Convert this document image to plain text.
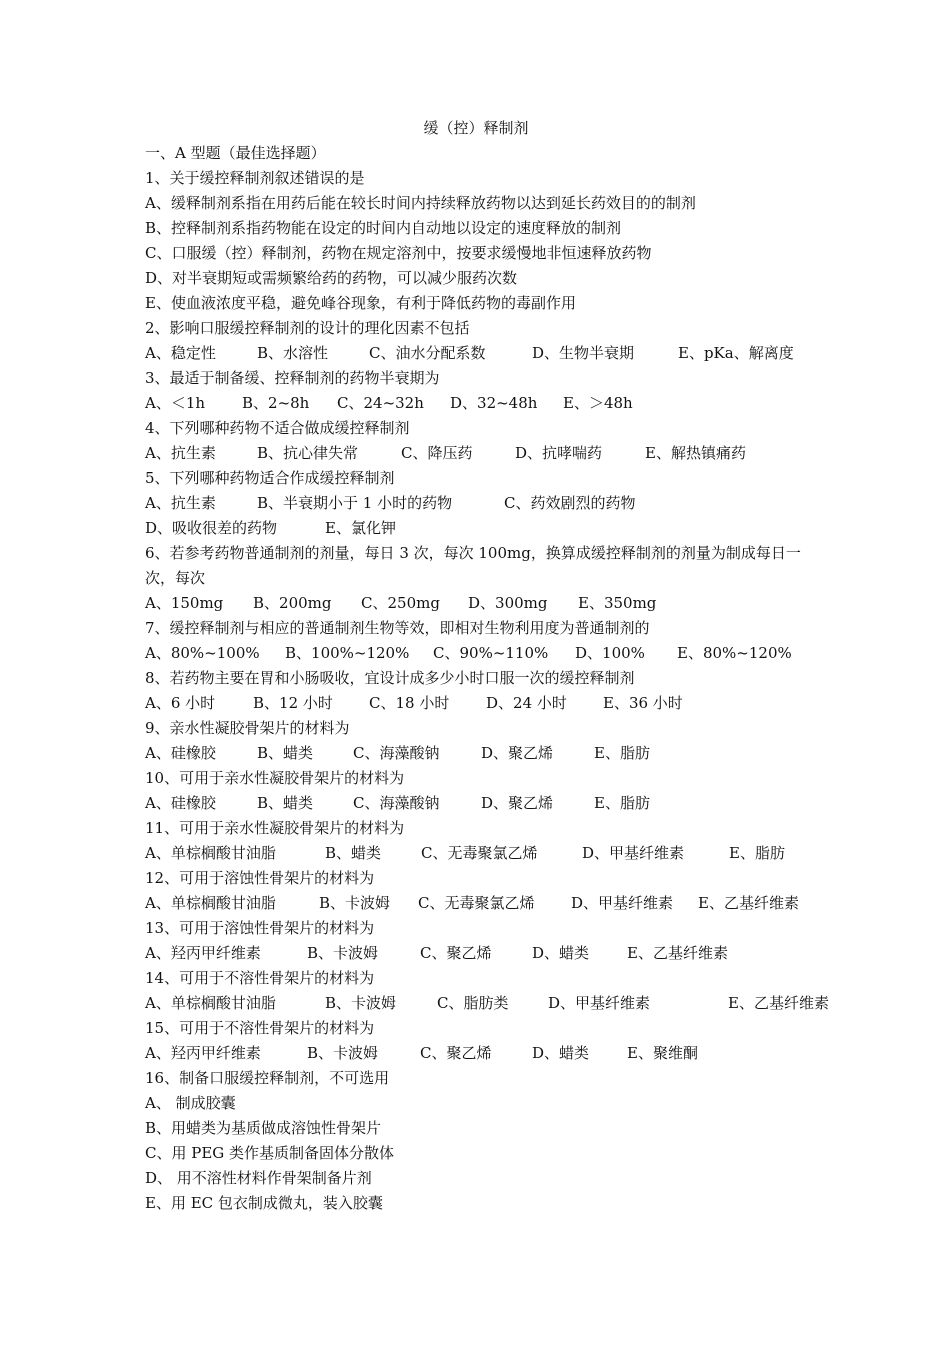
缓（控）释制剂
一、A 型题（最佳选择题）
1、关于缓控释制剂叙述错误的是
A、缓释制剂系指在用药后能在较长时间内持续释放药物以达到延长药效目的的制剂
B、控释制剂系指药物能在设定的时间内自动地以设定的速度释放的制剂
C、口服缓（控）释制剂，药物在规定溶剂中，按要求缓慢地非恒速释放药物
D、对半衰期短或需频繁给药的药物，可以减少服药次数
E、使血液浓度平稳，避免峰谷现象，有利于降低药物的毒副作用
2、影响口服缓控释制剂的设计的理化因素不包括
A、稳定性	B、水溶性	C、油水分配系数	D、生物半衰期	E、pKa、解离度
3、最适于制备缓、控释制剂的药物半衰期为
A、＜1h B、2~8h C、24~32h D、32~48h E、＞48h
4、下列哪种药物不适合做成缓控释制剂
A、抗生素	B、抗心律失常	C、降压药	D、抗哮喘药	E、解热镇痛药
5、下列哪种药物适合作成缓控释制剂
A、抗生素	B、半衰期小于 1 小时的药物	C、药效剧烈的药物
D、吸收很差的药物	E、氯化钾
6、若参考药物普通制剂的剂量，每日 3 次，每次 100mg，换算成缓控释制剂的剂量为制成每日一次，每次
A、150mg B、200mg C、250mg D、300mg E、350mg
7、缓控释制剂与相应的普通制剂生物等效，即相对生物利用度为普通制剂的
A、80%~100% B、100%~120% C、90%~110% D、100% E、80%~120%
8、若药物主要在胃和小肠吸收，宜设计成多少小时口服一次的缓控释制剂
A、6 小时	B、12 小时 C、18 小时 D、24 小时 E、36 小时
9、亲水性凝胶骨架片的材料为
A、硅橡胶	B、蜡类	C、海藻酸钠	D、聚乙烯	E、脂肪
10、可用于亲水性凝胶骨架片的材料为
A、硅橡胶	B、蜡类	C、海藻酸钠	D、聚乙烯	E、脂肪
11、可用于亲水性凝胶骨架片的材料为
A、单棕榈酸甘油脂	B、蜡类	C、无毒聚氯乙烯	D、甲基纤维素	E、脂肪
12、可用于溶蚀性骨架片的材料为
A、单棕榈酸甘油脂	B、卡波姆 C、无毒聚氯乙烯 D、甲基纤维素 E、乙基纤维素
13、可用于溶蚀性骨架片的材料为
A、羟丙甲纤维素	B、卡波姆	C、聚乙烯	D、蜡类	E、乙基纤维素
14、可用于不溶性骨架片的材料为
A、单棕榈酸甘油脂	B、卡波姆	C、脂肪类	D、甲基纤维素	E、乙基纤维素
15、可用于不溶性骨架片的材料为
A、羟丙甲纤维素	B、卡波姆	C、聚乙烯	D、蜡类	E、聚维酮
16、制备口服缓控释制剂，不可选用
A、 制成胶囊
B、用蜡类为基质做成溶蚀性骨架片
C、用 PEG 类作基质制备固体分散体
D、 用不溶性材料作骨架制备片剂
E、用 EC 包衣制成微丸，装入胶囊
